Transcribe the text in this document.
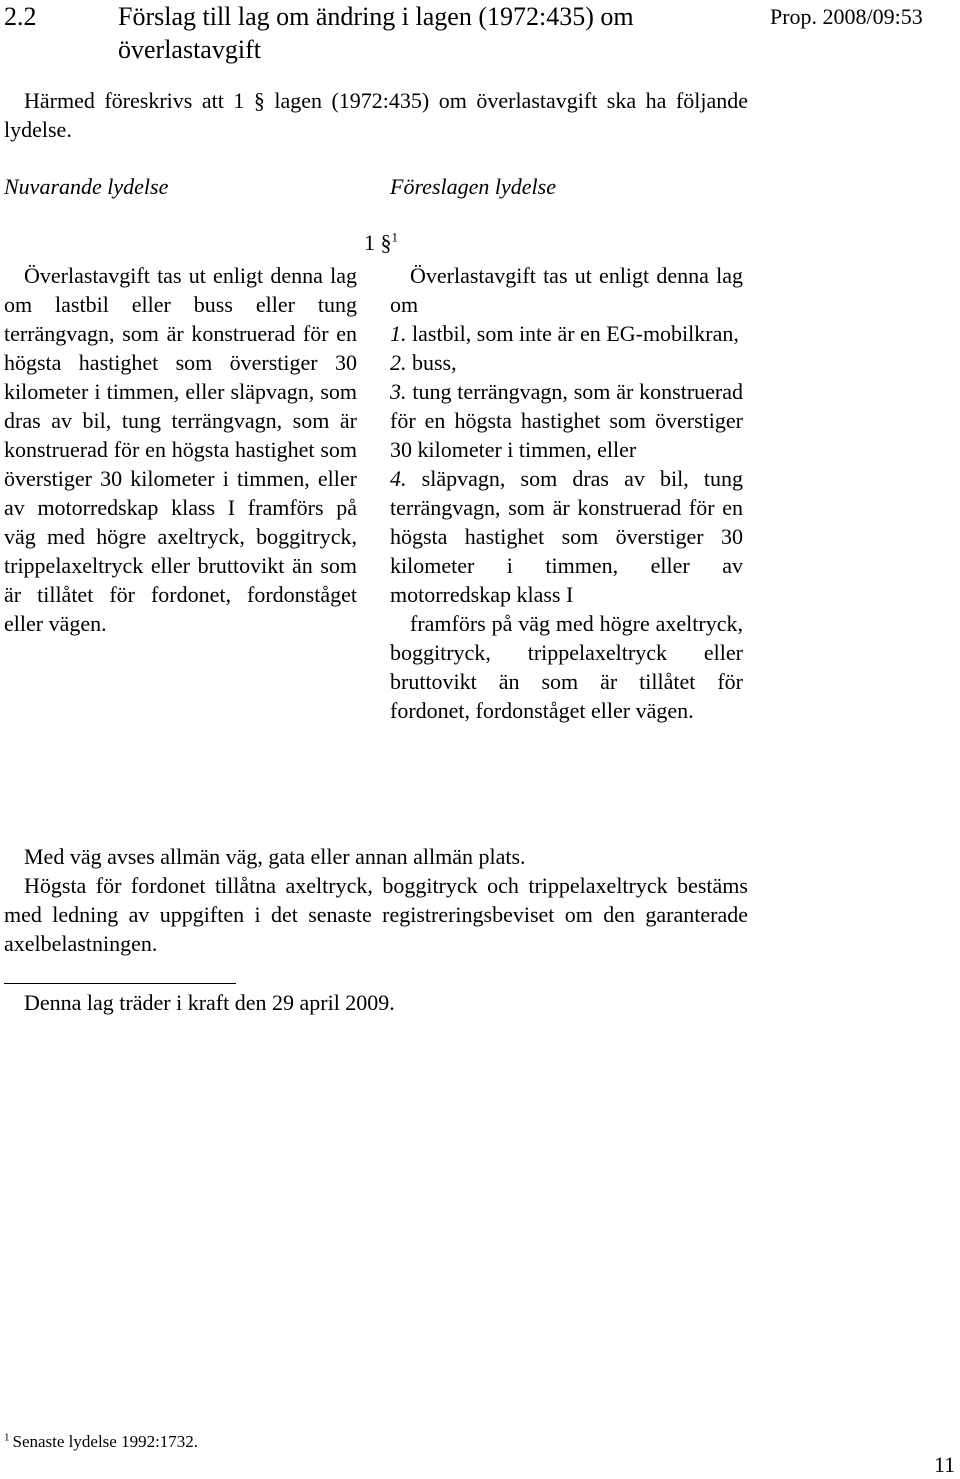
2.2	Förslag till lag om ändring i lagen (1972:435) om
överlastavgift
Prop. 2008/09:53

Härmed föreskrivs att 1 § lagen (1972:435) om överlastavgift ska ha följande lydelse.

Nuvarande lydelse	Föreslagen lydelse
1 §$^1$

Överlastavgift tas ut enligt denna lag om lastbil eller buss eller tung terrängvagn, som är konstruerad för en högsta hastighet som överstiger 30 kilometer i timmen, eller släpvagn, som dras av bil, tung terrängvagn, som är konstruerad för en högsta hastighet som överstiger 30 kilometer i timmen, eller av motorredskap klass I framförs på väg med högre axeltryck, boggitryck, trippelaxeltryck eller bruttovikt än som är tillåtet för fordonet, fordonståget eller vägen.

Överlastavgift tas ut enligt denna lag om

1. lastbil, som inte är en EG-mobilkran,

2. buss,

3. tung terrängvagn, som är konstruerad för en högsta hastighet som överstiger 30 kilometer i timmen, eller

4. släpvagn, som dras av bil, tung terrängvagn, som är konstruerad för en högsta hastighet som överstiger 30 kilometer i timmen, eller av motorredskap klass I

framförs på väg med högre axeltryck, boggitryck, trippelaxeltryck eller bruttovikt än som är tillåtet för fordonet, fordonståget eller vägen.

Med väg avses allmän väg, gata eller annan allmän plats.

Högsta för fordonet tillåtna axeltryck, boggitryck och trippelaxeltryck bestäms med ledning av uppgiften i det senaste registreringsbeviset om den garanterade axelbelastningen.

Denna lag träder i kraft den 29 april 2009.
$^1$ Senaste lydelse 1992:1732.
11
